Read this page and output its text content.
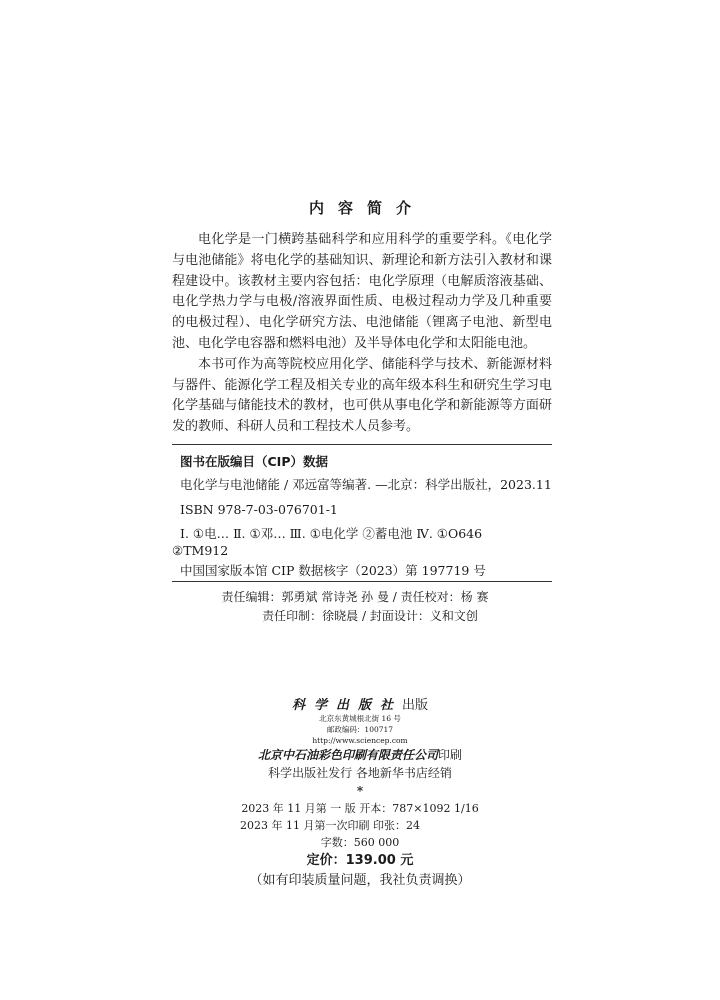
内容简介

电化学是一门横跨基础科学和应用科学的重要学科。《电化学与电池储能》将电化学的基础知识、新理论和新方法引入教材和课程建设中。该教材主要内容包括：电化学原理（电解质溶液基础、电化学热力学与电极/溶液界面性质、电极过程动力学及几种重要的电极过程）、电化学研究方法、电池储能（锂离子电池、新型电池、电化学电容器和燃料电池）及半导体电化学和太阳能电池。

本书可作为高等院校应用化学、储能科学与技术、新能源材料与器件、能源化学工程及相关专业的高年级本科生和研究生学习电化学基础与储能技术的教材，也可供从事电化学和新能源等方面研发的教师、科研人员和工程技术人员参考。

图书在版编目（CIP）数据
电化学与电池储能 / 邓远富等编著. —北京：科学出版社，2023.11
ISBN 978-7-03-076701-1
Ⅰ. ①电… Ⅱ. ①邓… Ⅲ. ①电化学 ②蓄电池 Ⅳ. ①O646
②TM912
中国国家版本馆 CIP 数据核字（2023）第 197719 号
责任编辑：郭勇斌 常诗尧 孙 曼 / 责任校对：杨 赛
责任印制：徐晓晨 / 封面设计：义和文创
科学出版社出版
北京东黄城根北街 16 号
邮政编码：100717
http://www.sciencep.com
北京中石油彩色印刷有限责任公司印刷
科学出版社发行 各地新华书店经销
*
2023 年 11 月第 一 版 开本：787×1092 1/16
2023 年 11 月第一次印刷 印张：24
字数：560 000
定价：139.00 元
（如有印装质量问题，我社负责调换）
